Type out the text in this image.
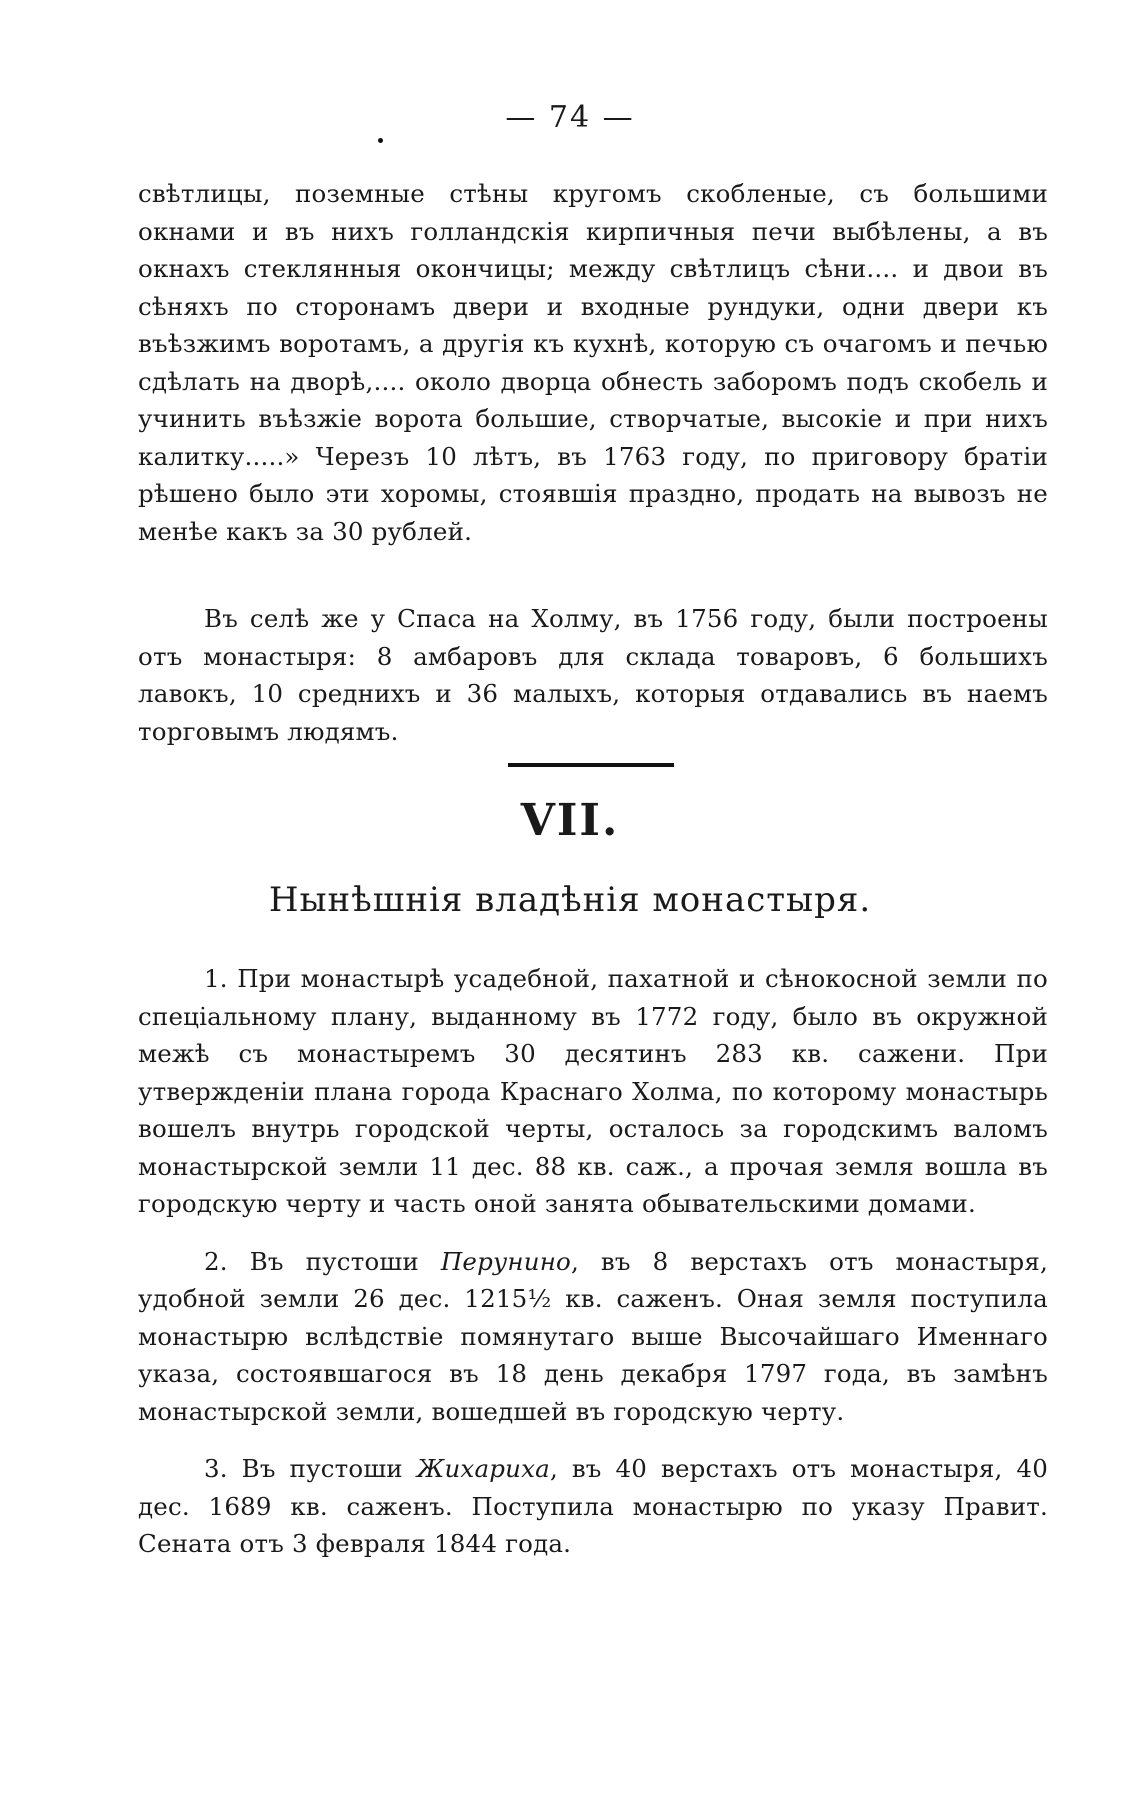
— 74 —

свѣтлицы, поземные стѣны кругомъ скобленые, съ большими окнами и въ нихъ голландскія кирпичныя печи выбѣлены, а въ окнахъ стеклянныя окончицы; между свѣтлицъ сѣни.... и двои въ сѣняхъ по сторонамъ двери и входные рундуки, одни двери къ въѣзжимъ воротамъ, а другія къ кухнѣ, которую съ очагомъ и печью сдѣлать на дворѣ,.... около дворца обнесть заборомъ подъ скобель и учинить въѣзжіе ворота большие, створчатые, высокіе и при нихъ калитку.....» Черезъ 10 лѣтъ, въ 1763 году, по приговору братіи рѣшено было эти хоромы, стоявшія праздно, продать на вывозъ не менѣе какъ за 30 рублей.

Въ селѣ же у Спаса на Холму, въ 1756 году, были построены отъ монастыря: 8 амбаровъ для склада товаровъ, 6 большихъ лавокъ, 10 среднихъ и 36 малыхъ, которыя отдавались въ наемъ торговымъ людямъ.

VII.
Нынѣшнія владѣнія монастыря.

1. При монастырѣ усадебной, пахатной и сѣнокосной земли по спеціальному плану, выданному въ 1772 году, было въ окружной межѣ съ монастыремъ 30 десятинъ 283 кв. сажени. При утвержденіи плана города Краснаго Холма, по которому монастырь вошелъ внутрь городской черты, осталось за городскимъ валомъ монастырской земли 11 дес. 88 кв. саж., а прочая земля вошла въ городскую черту и часть оной занята обывательскими домами.

2. Въ пустоши Перунино, въ 8 верстахъ отъ монастыря, удобной земли 26 дес. 1215½ кв. саженъ. Оная земля поступила монастырю вслѣдствіе помянутаго выше Высочайшаго Именнаго указа, состоявшагося въ 18 день декабря 1797 года, въ замѣнъ монастырской земли, вошедшей въ городскую черту.

3. Въ пустоши Жихариха, въ 40 верстахъ отъ монастыря, 40 дес. 1689 кв. саженъ. Поступила монастырю по указу Правит. Сената отъ 3 февраля 1844 года.
